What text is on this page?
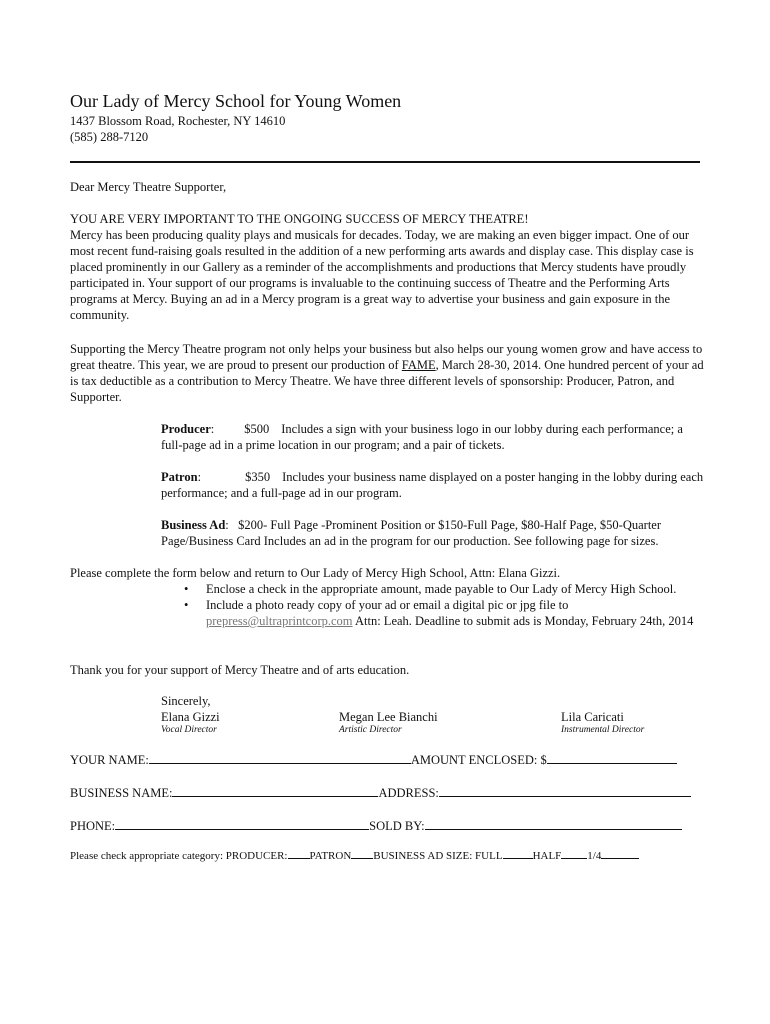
Our Lady of Mercy School for Young Women
1437 Blossom Road, Rochester, NY 14610
(585) 288-7120
Dear Mercy Theatre Supporter,
YOU ARE VERY IMPORTANT TO THE ONGOING SUCCESS OF MERCY THEATRE!
Mercy has been producing quality plays and musicals for decades. Today, we are making an even bigger impact. One of our most recent fund-raising goals resulted in the addition of a new performing arts awards and display case. This display case is placed prominently in our Gallery as a reminder of the accomplishments and productions that Mercy students have proudly participated in. Your support of our programs is invaluable to the continuing success of Theatre and the Performing Arts programs at Mercy. Buying an ad in a Mercy program is a great way to advertise your business and gain exposure in the community.
Supporting the Mercy Theatre program not only helps your business but also helps our young women grow and have access to great theatre. This year, we are proud to present our production of FAME, March 28-30, 2014. One hundred percent of your ad is tax deductible as a contribution to Mercy Theatre. We have three different levels of sponsorship: Producer, Patron, and Supporter.
Producer: $500 Includes a sign with your business logo in our lobby during each performance; a full-page ad in a prime location in our program; and a pair of tickets.
Patron:	$350 Includes your business name displayed on a poster hanging in the lobby during each performance; and a full-page ad in our program.
Business Ad:   $200- Full Page -Prominent Position or $150-Full Page, $80-Half Page, $50-Quarter Page/Business Card Includes an ad in the program for our production. See following page for sizes.
Please complete the form below and return to Our Lady of Mercy High School, Attn: Elana Gizzi.
• Enclose a check in the appropriate amount, made payable to Our Lady of Mercy High School.
• Include a photo ready copy of your ad or email a digital pic or jpg file to prepress@ultraprintcorp.com Attn: Leah. Deadline to submit ads is Monday, February 24th, 2014
Thank you for your support of Mercy Theatre and of arts education.
Sincerely,
Elana Gizzi
Vocal Director
Megan Lee Bianchi
Artistic Director
Lila Caricati
Instrumental Director
YOUR NAME:	AMOUNT ENCLOSED: $
BUSINESS NAME:	ADDRESS:
PHONE:	SOLD BY:
Please check appropriate category: PRODUCER: PATRON BUSINESS AD SIZE: FULL	HALF 1/4
